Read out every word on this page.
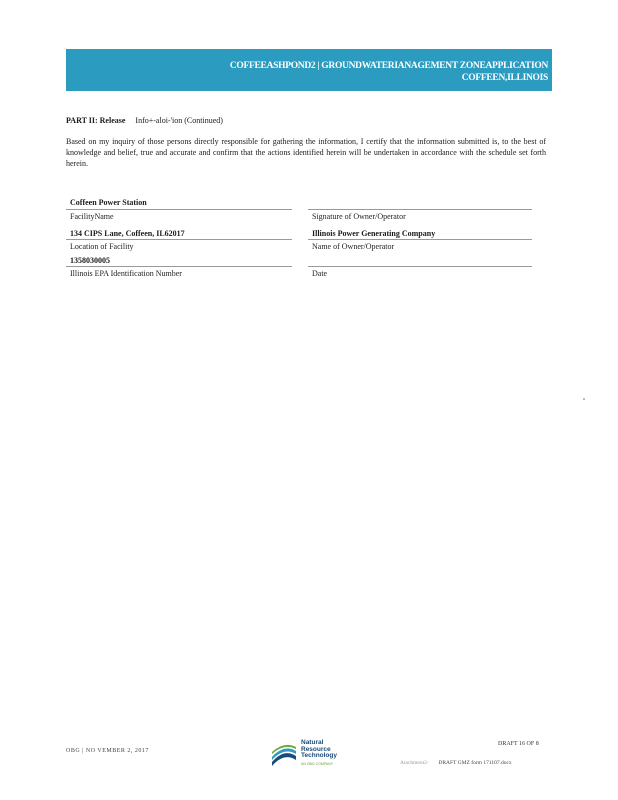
COFFEEASHPOND2 | GROUNDWATERIANAGEMENT ZONEAPPLICATION
COFFEEN,ILLINOIS
PART II: Release Info+-aloi-'ion (Continued)
Based on my inquiry of those persons directly responsible for gathering the information, I certify that the information submitted is, to the best of knowledge and belief, true and accurate and confirm that the actions identified herein will be undertaken in accordance with the schedule set forth herein.
Coffeen Power Station
FacilityName
134 CIPS Lane, Coffeen, IL62017
Location of Facility
1358030005
Illinois EPA Identification Number
Signature of Owner/Operator
Illinois Power Generating Company
Name of Owner/Operator
Date
OBG | NO VEMBER 2, 2017
Natural
Resource
Technology
AN OBG COMPANY
DRAFT 16 OF 8
Atachment2- DRAFT GMZ form 171107.docx
